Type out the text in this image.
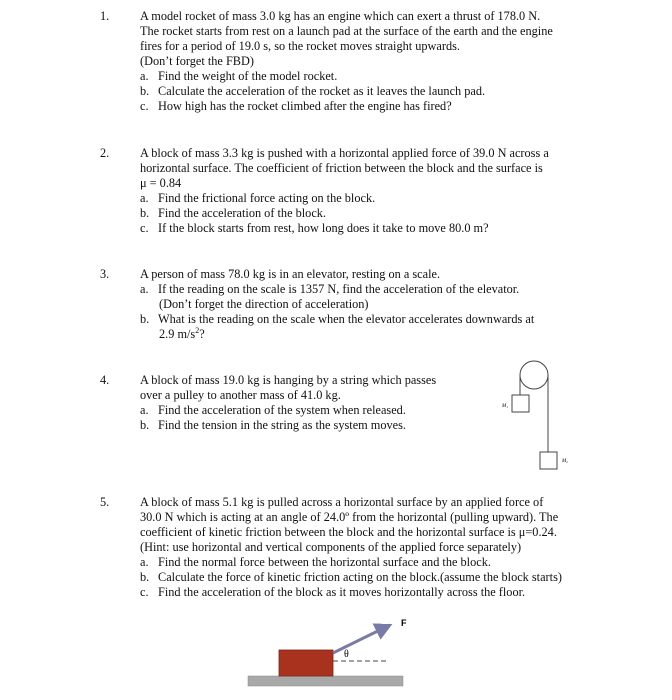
1.	A model rocket of mass 3.0 kg has an engine which can exert a thrust of 178.0 N.
The rocket starts from rest on a launch pad at the surface of the earth and the engine
fires for a period of 19.0 s, so the rocket moves straight upwards.
(Don’t forget the FBD)
a. Find the weight of the model rocket.
b. Calculate the acceleration of the rocket as it leaves the launch pad.
c. How high has the rocket climbed after the engine has fired?
2.	A block of mass 3.3 kg is pushed with a horizontal applied force of 39.0 N across a
horizontal surface. The coefficient of friction between the block and the surface is
μ = 0.84
a. Find the frictional force acting on the block.
b. Find the acceleration of the block.
c. If the block starts from rest, how long does it take to move 80.0 m?
3.	A person of mass 78.0 kg is in an elevator, resting on a scale.
a. If the reading on the scale is 1357 N, find the acceleration of the elevator.
(Don’t forget the direction of acceleration)
b. What is the reading on the scale when the elevator accelerates downwards at
2.9 $m/s^2$?
4.	A block of mass 19.0 kg is hanging by a string which passes
over a pulley to another mass of 41.0 kg.
a. Find the acceleration of the system when released.
b. Find the tension in the string as the system moves.
M₁
M₂
5.	A block of mass 5.1 kg is pulled across a horizontal surface by an applied force of
30.0 N which is acting at an angle of 24.0º from the horizontal (pulling upward). The
coefficient of kinetic friction between the block and the horizontal surface is μ=0.24.
(Hint: use horizontal and vertical components of the applied force separately)
a. Find the normal force between the horizontal surface and the block.
b. Calculate the force of kinetic friction acting on the block.(assume the block starts)
c. Find the acceleration of the block as it moves horizontally across the floor.
θ
F
